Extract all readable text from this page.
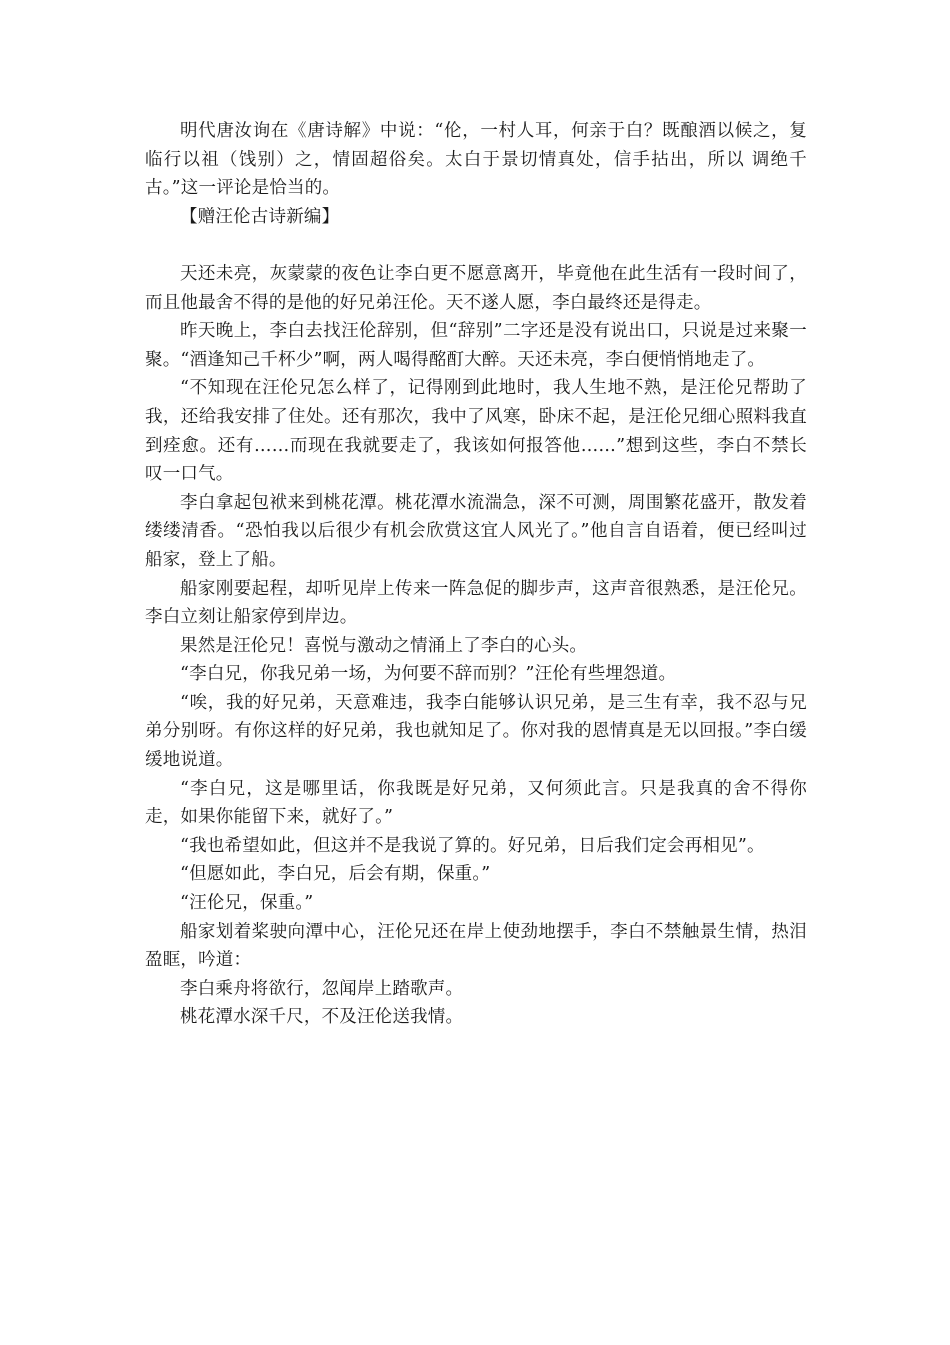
明代唐汝询在《唐诗解》中说：“伦，一村人耳，何亲于白？既酿酒以候之，复临行以祖（饯别）之，情固超俗矣。太白于景切情真处，信手拈出，所以 调绝千古。”这一评论是恰当的。

【赠汪伦古诗新编】

天还未亮，灰蒙蒙的夜色让李白更不愿意离开，毕竟他在此生活有一段时间了，而且他最舍不得的是他的好兄弟汪伦。天不遂人愿，李白最终还是得走。

昨天晚上，李白去找汪伦辞别，但“辞别”二字还是没有说出口，只说是过来聚一聚。“酒逢知己千杯少”啊，两人喝得酩酊大醉。天还未亮，李白便悄悄地走了。

“不知现在汪伦兄怎么样了，记得刚到此地时，我人生地不熟，是汪伦兄帮助了我，还给我安排了住处。还有那次，我中了风寒，卧床不起，是汪伦兄细心照料我直到痊愈。还有……而现在我就要走了，我该如何报答他……”想到这些，李白不禁长叹一口气。

李白拿起包袱来到桃花潭。桃花潭水流湍急，深不可测，周围繁花盛开，散发着缕缕清香。“恐怕我以后很少有机会欣赏这宜人风光了。”他自言自语着，便已经叫过船家，登上了船。

船家刚要起程，却听见岸上传来一阵急促的脚步声，这声音很熟悉，是汪伦兄。李白立刻让船家停到岸边。

果然是汪伦兄！喜悦与激动之情涌上了李白的心头。

“李白兄，你我兄弟一场，为何要不辞而别？”汪伦有些埋怨道。

“唉，我的好兄弟，天意难违，我李白能够认识兄弟，是三生有幸，我不忍与兄弟分别呀。有你这样的好兄弟，我也就知足了。你对我的恩情真是无以回报。”李白缓缓地说道。

“李白兄，这是哪里话，你我既是好兄弟，又何须此言。只是我真的舍不得你走，如果你能留下来，就好了。”

“我也希望如此，但这并不是我说了算的。好兄弟，日后我们定会再相见”。

“但愿如此，李白兄，后会有期，保重。”

“汪伦兄，保重。”

船家划着桨驶向潭中心，汪伦兄还在岸上使劲地摆手，李白不禁触景生情，热泪盈眶，吟道：

李白乘舟将欲行，忽闻岸上踏歌声。

桃花潭水深千尺，不及汪伦送我情。
